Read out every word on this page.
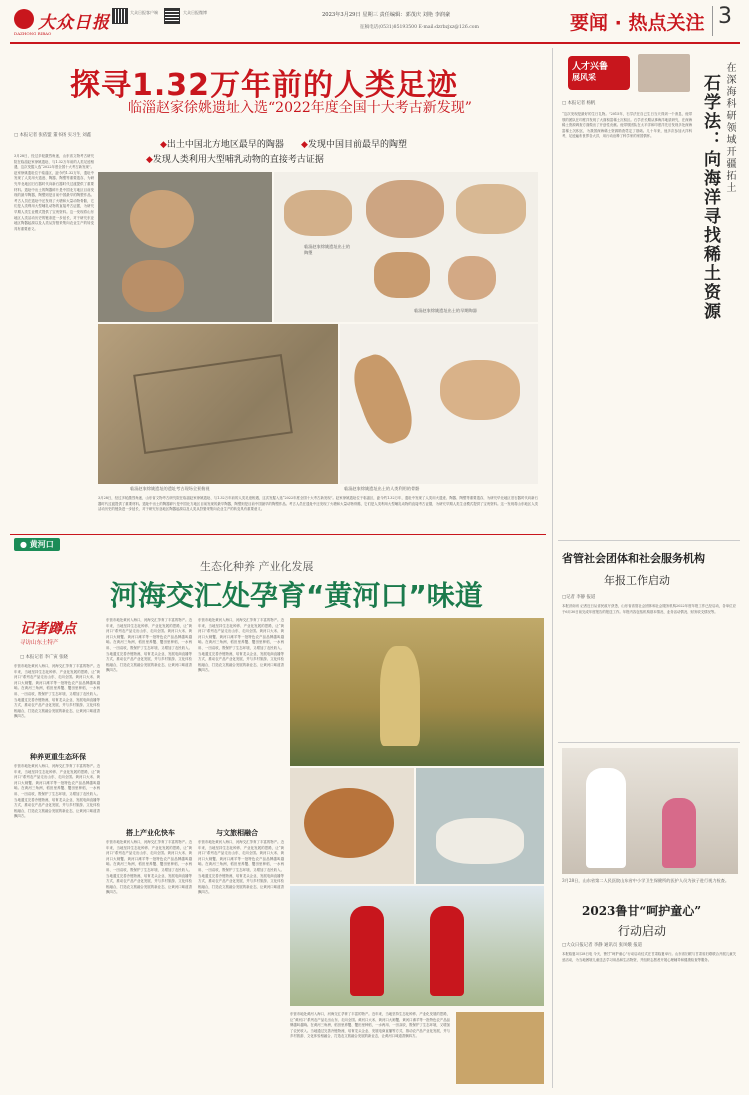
大众日报
DAZHONG RIBAO
大众日报客户端	大众日报微博	2023年3月29日 星期三 责任编辑：郭茂庆 刘艳 李润豪
征稿电话(0531)85193500 E-mail:dzrbzjxz@126.com	要闻 · 热点关注 3
探寻1.32万年前的人类足迹
临淄赵家徐姚遗址入选“2022年度全国十大考古新发现”
□ 本报记者 张依盟 董书扬 实习生 刘鑫
◆出土中国北方地区最早的陶器 ◆发现中国目前最早的陶塑
◆发现人类利用大型哺乳动物的直接考古证据
3月28日，经过多轮激烈角逐，山东省文物考古研究院在临淄赵家徐姚遗址、与1.32万年前的人类足迹相遇，这次发掘入选“2022年度全国十大考古新发现”。赵家徐姚遗址位于临淄区，距今约1.32万年，遗址中发现了人类用火遗迹、陶器、陶塑等重要遗存，为研究华北地区旧石器时代向新石器时代过渡提供了重要材料。遗址中出土的陶器碎片是中国北方地区目前发现的最早陶器，陶塑则是目前中国最早的陶塑作品。考古人员在遗址中还发现了火塘和大量动物骨骼，它们是人类利用大型哺乳动物的直接考古证据，为研究早期人类生业模式提供了宝贵资料。这一发现将山东地区人类活动历史的链条进一步延长，对于研究东亚地区陶器起源以及人类从狩猎采集向农业生产的转变具有重要意义。
临淄赵家徐姚遗址出土的陶塑
临淄赵家徐姚遗址出土的早期陶器
临淄赵家徐姚遗址的遗址考古现场全景俯视	临淄赵家徐姚遗址出土的人类利用的骨骼
3月28日，经过多轮激烈角逐，山东省文物考古研究院在临淄赵家徐姚遗址、与1.32万年前的人类足迹相遇，这次发掘入选“2022年度全国十大考古新发现”。赵家徐姚遗址位于临淄区，距今约1.32万年，遗址中发现了人类用火遗迹、陶器、陶塑等重要遗存，为研究华北地区旧石器时代向新石器时代过渡提供了重要材料。遗址中出土的陶器碎片是中国北方地区目前发现的最早陶器，陶塑则是目前中国最早的陶塑作品。考古人员在遗址中还发现了火塘和大量动物骨骼，它们是人类利用大型哺乳动物的直接考古证据，为研究早期人类生业模式提供了宝贵资料。这一发现将山东地区人类活动历史的链条进一步延长，对于研究东亚地区陶器起源以及人类从狩猎采集向农业生产的转变具有重要意义。
人才兴鲁
展风采	石学法：向海洋寻找稀土资源 在深海科研领域开疆拓土
□ 本报记者 杨帆
“这次发现是最好的生日礼物。”2015年，石学法在自己生日当天得到一个消息，他带领的团队在印度洋发现了大面积富稀土沉积区。石学法长期从事海洋地质研究，在深海稀土资源调查方面做出了开创性贡献。他带领团队在太平洋和印度洋先后发现多处深海富稀土沉积区，为我国深海稀土资源勘查奠定了基础。几十年来，他多次参加大洋科考，足迹遍布世界各大洋，用行动诠释了科学家的家国情怀。
● 黄河口
生态化种养 产业化发展
河海交汇处孕育“黄河口”味道
记者蹲点
寻访山东土特产
□ 本报记者 李广寅 张晓
东营市地处黄河入海口，河海交汇孕育了丰富的物产。近年来，当地坚持生态化种养、产业化发展的思路，让“黄河口”系列农产品走出山东、走向全国。黄河口大米、黄河口大闸蟹、黄河口滩羊等一批特色农产品品牌越叫越响。在黄河三角洲，稻田里养蟹、蟹田里种稻，一水两用、一田双收，既保护了生态环境，又增加了农民收入。当地通过完善冷链物流、培育龙头企业、发展电商直播等方式，推动农产品产业化发展，并与乡村旅游、文化体验相融合，打造农文旅融合发展的新业态，让黄河口味道香飘四方。
种养更重生态环保
东营市地处黄河入海口，河海交汇孕育了丰富的物产。近年来，当地坚持生态化种养、产业化发展的思路，让“黄河口”系列农产品走出山东、走向全国。黄河口大米、黄河口大闸蟹、黄河口滩羊等一批特色农产品品牌越叫越响。在黄河三角洲，稻田里养蟹、蟹田里种稻，一水两用、一田双收，既保护了生态环境，又增加了农民收入。当地通过完善冷链物流、培育龙头企业、发展电商直播等方式，推动农产品产业化发展，并与乡村旅游、文化体验相融合，打造农文旅融合发展的新业态，让黄河口味道香飘四方。
东营市地处黄河入海口，河海交汇孕育了丰富的物产。近年来，当地坚持生态化种养、产业化发展的思路，让“黄河口”系列农产品走出山东、走向全国。黄河口大米、黄河口大闸蟹、黄河口滩羊等一批特色农产品品牌越叫越响。在黄河三角洲，稻田里养蟹、蟹田里种稻，一水两用、一田双收，既保护了生态环境，又增加了农民收入。当地通过完善冷链物流、培育龙头企业、发展电商直播等方式，推动农产品产业化发展，并与乡村旅游、文化体验相融合，打造农文旅融合发展的新业态，让黄河口味道香飘四方。
搭上产业化快车
东营市地处黄河入海口，河海交汇孕育了丰富的物产。近年来，当地坚持生态化种养、产业化发展的思路，让“黄河口”系列农产品走出山东、走向全国。黄河口大米、黄河口大闸蟹、黄河口滩羊等一批特色农产品品牌越叫越响。在黄河三角洲，稻田里养蟹、蟹田里种稻，一水两用、一田双收，既保护了生态环境，又增加了农民收入。当地通过完善冷链物流、培育龙头企业、发展电商直播等方式，推动农产品产业化发展，并与乡村旅游、文化体验相融合，打造农文旅融合发展的新业态，让黄河口味道香飘四方。
东营市地处黄河入海口，河海交汇孕育了丰富的物产。近年来，当地坚持生态化种养、产业化发展的思路，让“黄河口”系列农产品走出山东、走向全国。黄河口大米、黄河口大闸蟹、黄河口滩羊等一批特色农产品品牌越叫越响。在黄河三角洲，稻田里养蟹、蟹田里种稻，一水两用、一田双收，既保护了生态环境，又增加了农民收入。当地通过完善冷链物流、培育龙头企业、发展电商直播等方式，推动农产品产业化发展，并与乡村旅游、文化体验相融合，打造农文旅融合发展的新业态，让黄河口味道香飘四方。
与文旅相融合
东营市地处黄河入海口，河海交汇孕育了丰富的物产。近年来，当地坚持生态化种养、产业化发展的思路，让“黄河口”系列农产品走出山东、走向全国。黄河口大米、黄河口大闸蟹、黄河口滩羊等一批特色农产品品牌越叫越响。在黄河三角洲，稻田里养蟹、蟹田里种稻，一水两用、一田双收，既保护了生态环境，又增加了农民收入。当地通过完善冷链物流、培育龙头企业、发展电商直播等方式，推动农产品产业化发展，并与乡村旅游、文化体验相融合，打造农文旅融合发展的新业态，让黄河口味道香飘四方。
东营市地处黄河入海口，河海交汇孕育了丰富的物产。近年来，当地坚持生态化种养、产业化发展的思路，让“黄河口”系列农产品走出山东、走向全国。黄河口大米、黄河口大闸蟹、黄河口滩羊等一批特色农产品品牌越叫越响。在黄河三角洲，稻田里养蟹、蟹田里种稻，一水两用、一田双收，既保护了生态环境，又增加了农民收入。当地通过完善冷链物流、培育龙头企业、发展电商直播等方式，推动农产品产业化发展，并与乡村旅游、文化体验相融合，打造农文旅融合发展的新业态，让黄河口味道香飘四方。
省管社会团体和社会服务机构
年报工作启动
□记者 李静 报道
本报济南讯 记者近日从省民政厅获悉，山东省省管社会团体和社会服务机构2022年度年报工作已经启动，各单位应于6月30日前完成年度报告的报送工作。年报内容包括机构基本情况、业务活动情况、财务收支情况等。
3月28日，山东省第二人民医院山东省中小学卫生保健所的医护人员为孩子进行视力检查。
2023鲁甘“呵护童心”
行动启动
□大众日报记者 李静 通讯员 张凤娥 报道
本报临夏3月28日电 今天，鲁甘“呵护童心”行动启动仪式在甘肃临夏举行。山东省妇联与甘肃省妇联联合开展儿童关爱活动，为当地困境儿童送去学习用品和生活物资，并组织志愿者开展心理辅导和健康检查等服务。
